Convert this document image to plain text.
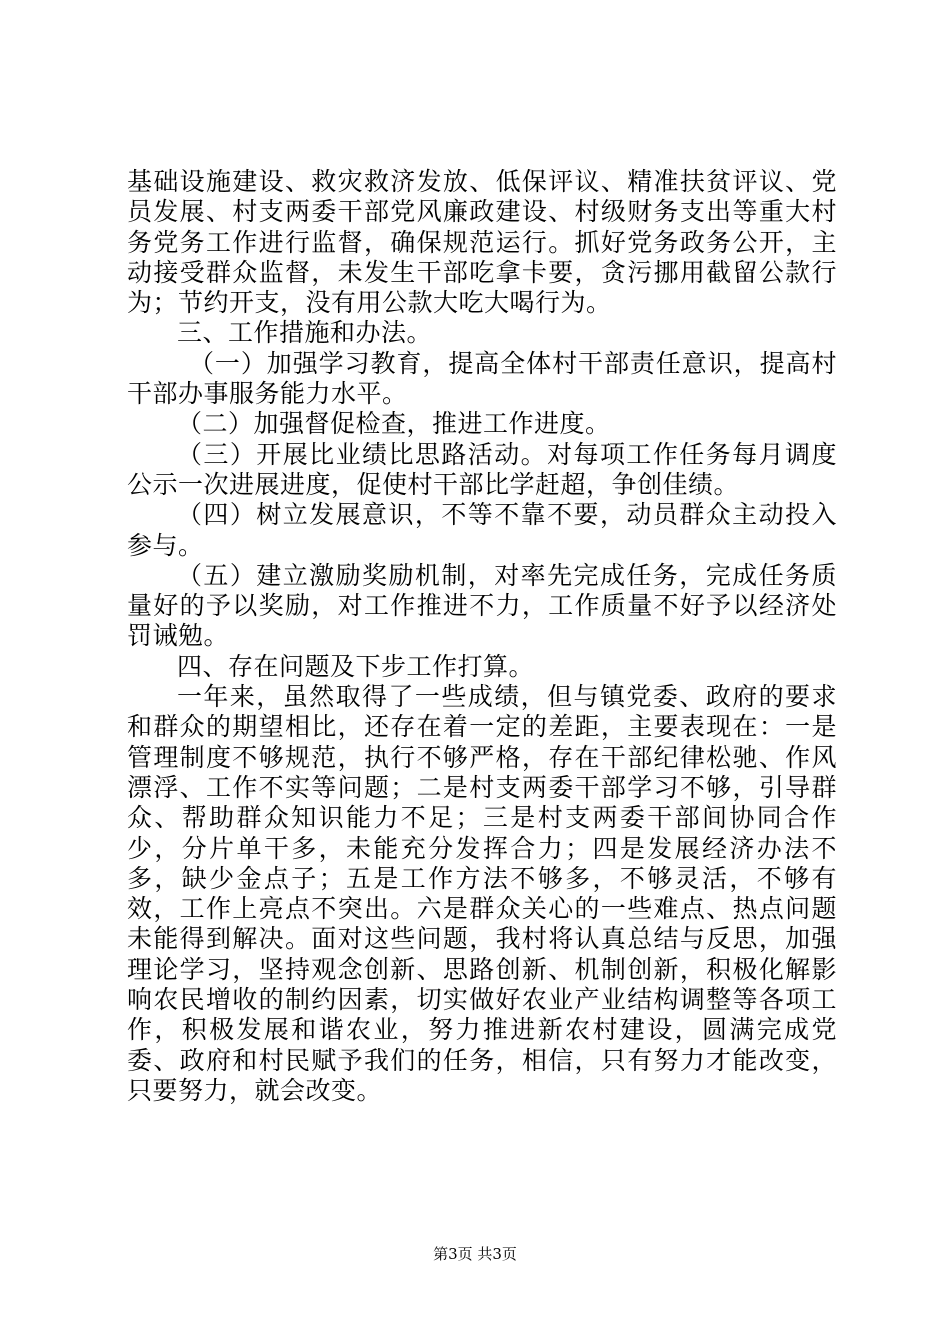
基础设施建设、救灾救济发放、低保评议、精准扶贫评议、党员发展、村支两委干部党风廉政建设、村级财务支出等重大村务党务工作进行监督，确保规范运行。抓好党务政务公开，主动接受群众监督，未发生干部吃拿卡要，贪污挪用截留公款行为；节约开支，没有用公款大吃大喝行为。

三、工作措施和办法。

（一）加强学习教育，提高全体村干部责任意识，提高村干部办事服务能力水平。

（二）加强督促检查，推进工作进度。

（三）开展比业绩比思路活动。对每项工作任务每月调度公示一次进展进度，促使村干部比学赶超，争创佳绩。

（四）树立发展意识，不等不靠不要，动员群众主动投入参与。

（五）建立激励奖励机制，对率先完成任务，完成任务质量好的予以奖励，对工作推进不力，工作质量不好予以经济处罚诫勉。

四、存在问题及下步工作打算。

一年来，虽然取得了一些成绩，但与镇党委、政府的要求和群众的期望相比，还存在着一定的差距，主要表现在：一是管理制度不够规范，执行不够严格，存在干部纪律松驰、作风漂浮、工作不实等问题；二是村支两委干部学习不够，引导群众、帮助群众知识能力不足；三是村支两委干部间协同合作少，分片单干多，未能充分发挥合力；四是发展经济办法不多，缺少金点子；五是工作方法不够多，不够灵活，不够有效，工作上亮点不突出。六是群众关心的一些难点、热点问题未能得到解决。面对这些问题，我村将认真总结与反思，加强理论学习，坚持观念创新、思路创新、机制创新，积极化解影响农民增收的制约因素，切实做好农业产业结构调整等各项工作，积极发展和谐农业，努力推进新农村建设，圆满完成党委、政府和村民赋予我们的任务，相信，只有努力才能改变，只要努力，就会改变。

第3页 共3页
